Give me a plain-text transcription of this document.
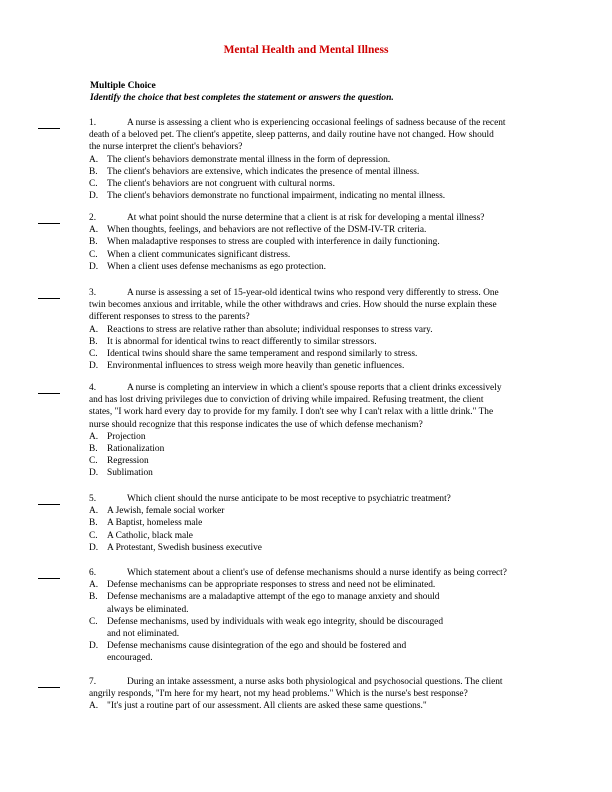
Mental Health and Mental Illness
Multiple Choice
Identify the choice that best completes the statement or answers the question.
1.	A nurse is assessing a client who is experiencing occasional feelings of sadness because of the recent
death of a beloved pet. The client's appetite, sleep patterns, and daily routine have not changed. How should
the nurse interpret the client's behaviors?
A. The client's behaviors demonstrate mental illness in the form of depression.
B. The client's behaviors are extensive, which indicates the presence of mental illness.
C. The client's behaviors are not congruent with cultural norms.
D. The client's behaviors demonstrate no functional impairment, indicating no mental illness.
2.	At what point should the nurse determine that a client is at risk for developing a mental illness?
A. When thoughts, feelings, and behaviors are not reflective of the DSM-IV-TR criteria.
B. When maladaptive responses to stress are coupled with interference in daily functioning.
C. When a client communicates significant distress.
D. When a client uses defense mechanisms as ego protection.
3.	A nurse is assessing a set of 15-year-old identical twins who respond very differently to stress. One
twin becomes anxious and irritable, while the other withdraws and cries. How should the nurse explain these
different responses to stress to the parents?
A. Reactions to stress are relative rather than absolute; individual responses to stress vary.
B. It is abnormal for identical twins to react differently to similar stressors.
C. Identical twins should share the same temperament and respond similarly to stress.
D. Environmental influences to stress weigh more heavily than genetic influences.
4.	A nurse is completing an interview in which a client's spouse reports that a client drinks excessively
and has lost driving privileges due to conviction of driving while impaired. Refusing treatment, the client
states, "I work hard every day to provide for my family. I don't see why I can't relax with a little drink." The
nurse should recognize that this response indicates the use of which defense mechanism?
A. Projection
B. Rationalization
C. Regression
D. Sublimation
5.	Which client should the nurse anticipate to be most receptive to psychiatric treatment?
A. A Jewish, female social worker
B. A Baptist, homeless male
C. A Catholic, black male
D. A Protestant, Swedish business executive
6.	Which statement about a client's use of defense mechanisms should a nurse identify as being correct?
A. Defense mechanisms can be appropriate responses to stress and need not be eliminated.
B. Defense mechanisms are a maladaptive attempt of the ego to manage anxiety and should
always be eliminated.
C. Defense mechanisms, used by individuals with weak ego integrity, should be discouraged
and not eliminated.
D. Defense mechanisms cause disintegration of the ego and should be fostered and
encouraged.
7.	During an intake assessment, a nurse asks both physiological and psychosocial questions. The client
angrily responds, "I'm here for my heart, not my head problems." Which is the nurse's best response?
A. "It's just a routine part of our assessment. All clients are asked these same questions."
